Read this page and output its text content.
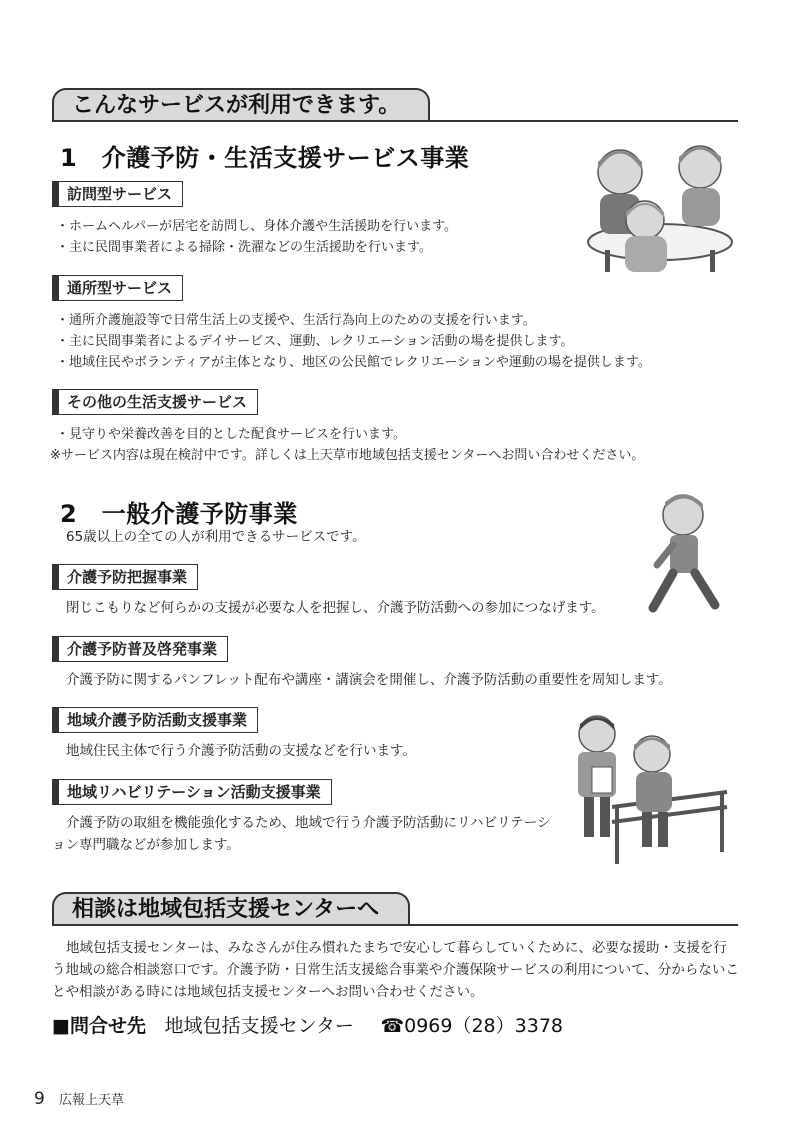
こんなサービスが利用できます。
1　介護予防・生活支援サービス事業
訪問型サービス
・ホームヘルパーが居宅を訪問し、身体介護や生活援助を行います。
・主に民間事業者による掃除・洗濯などの生活援助を行います。
通所型サービス
・通所介護施設等で日常生活上の支援や、生活行為向上のための支援を行います。
・主に民間事業者によるデイサービス、運動、レクリエーション活動の場を提供します。
・地域住民やボランティアが主体となり、地区の公民館でレクリエーションや運動の場を提供します。
その他の生活支援サービス
・見守りや栄養改善を目的とした配食サービスを行います。
※サービス内容は現在検討中です。詳しくは上天草市地域包括支援センターへお問い合わせください。
2　一般介護予防事業
65歳以上の全ての人が利用できるサービスです。
介護予防把握事業
閉じこもりなど何らかの支援が必要な人を把握し、介護予防活動への参加につなげます。
介護予防普及啓発事業
介護予防に関するパンフレット配布や講座・講演会を開催し、介護予防活動の重要性を周知します。
地域介護予防活動支援事業
地域住民主体で行う介護予防活動の支援などを行います。
地域リハビリテーション活動支援事業
介護予防の取組を機能強化するため、地域で行う介護予防活動にリハビリテーション専門職などが参加します。
相談は地域包括支援センターへ
地域包括支援センターは、みなさんが住み慣れたまちで安心して暮らしていくために、必要な援助・支援を行う地域の総合相談窓口です。介護予防・日常生活支援総合事業や介護保険サービスの利用について、分からないことや相談がある時には地域包括支援センターへお問い合わせください。
■問合せ先 地域包括支援センター ☎0969（28）3378
9 広報上天草
